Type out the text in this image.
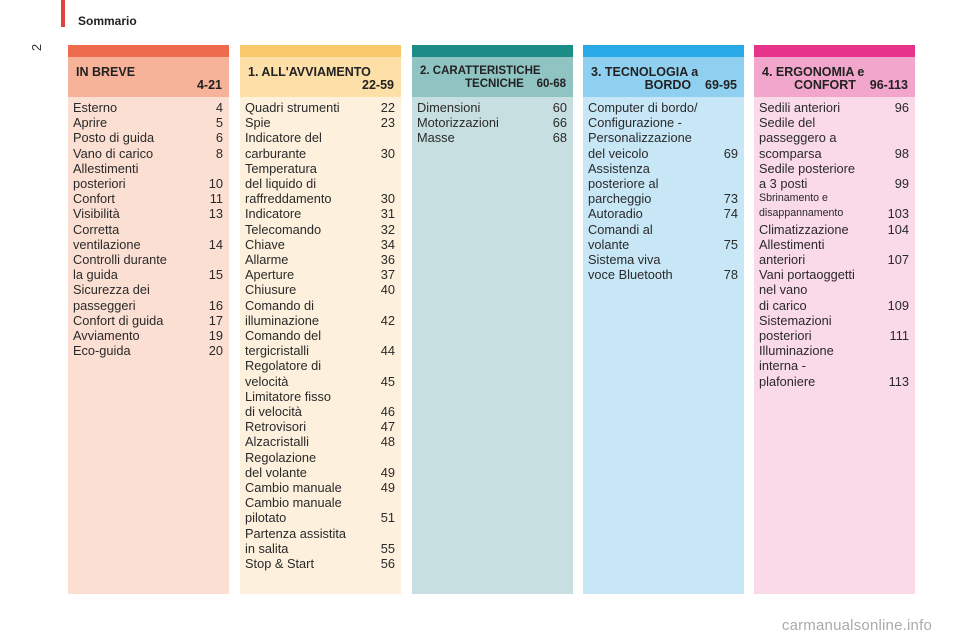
Sommario
2
IN BREVE
4-21
Esterno	4
Aprire	5
Posto di guida	6
Vano di carico	8
Allestimenti
posteriori	10
Confort	11
Visibilità	13
Corretta
ventilazione	14
Controlli durante
la guida	15
Sicurezza dei
passeggeri	16
Confort di guida	17
Avviamento	19
Eco-guida	20
1. ALL'AVVIAMENTO
22-59
Quadri strumenti	22
Spie	23
Indicatore del
carburante	30
Temperatura
del liquido di
raffreddamento	30
Indicatore	31
Telecomando	32
Chiave	34
Allarme	36
Aperture	37
Chiusure	40
Comando di
illuminazione	42
Comando del
tergicristalli	44
Regolatore di
velocità	45
Limitatore fisso
di velocità	46
Retrovisori	47
Alzacristalli	48
Regolazione
del volante	49
Cambio manuale	49
Cambio manuale
pilotato	51
Partenza assistita
in salita	55
Stop & Start	56
2. CARATTERISTICHE
TECNICHE    60-68
Dimensioni	60
Motorizzazioni	66
Masse	68
3. TECNOLOGIA a
BORDO    69-95
Computer di bordo/
Configurazione -
Personalizzazione
del veicolo	69
Assistenza
posteriore al
parcheggio	73
Autoradio	74
Comandi al
volante	75
Sistema viva
voce Bluetooth	78
4. ERGONOMIA e
CONFORT    96-113
Sedili anteriori	96
Sedile del
passeggero a
scomparsa	98
Sedile posteriore
a 3 posti	99
Sbrinamento e
disappannamento	103
Climatizzazione	104
Allestimenti
anteriori	107
Vani portaoggetti
nel vano
di carico	109
Sistemazioni
posteriori	111
Illuminazione
interna -
plafoniere	113
carmanualsonline.info
